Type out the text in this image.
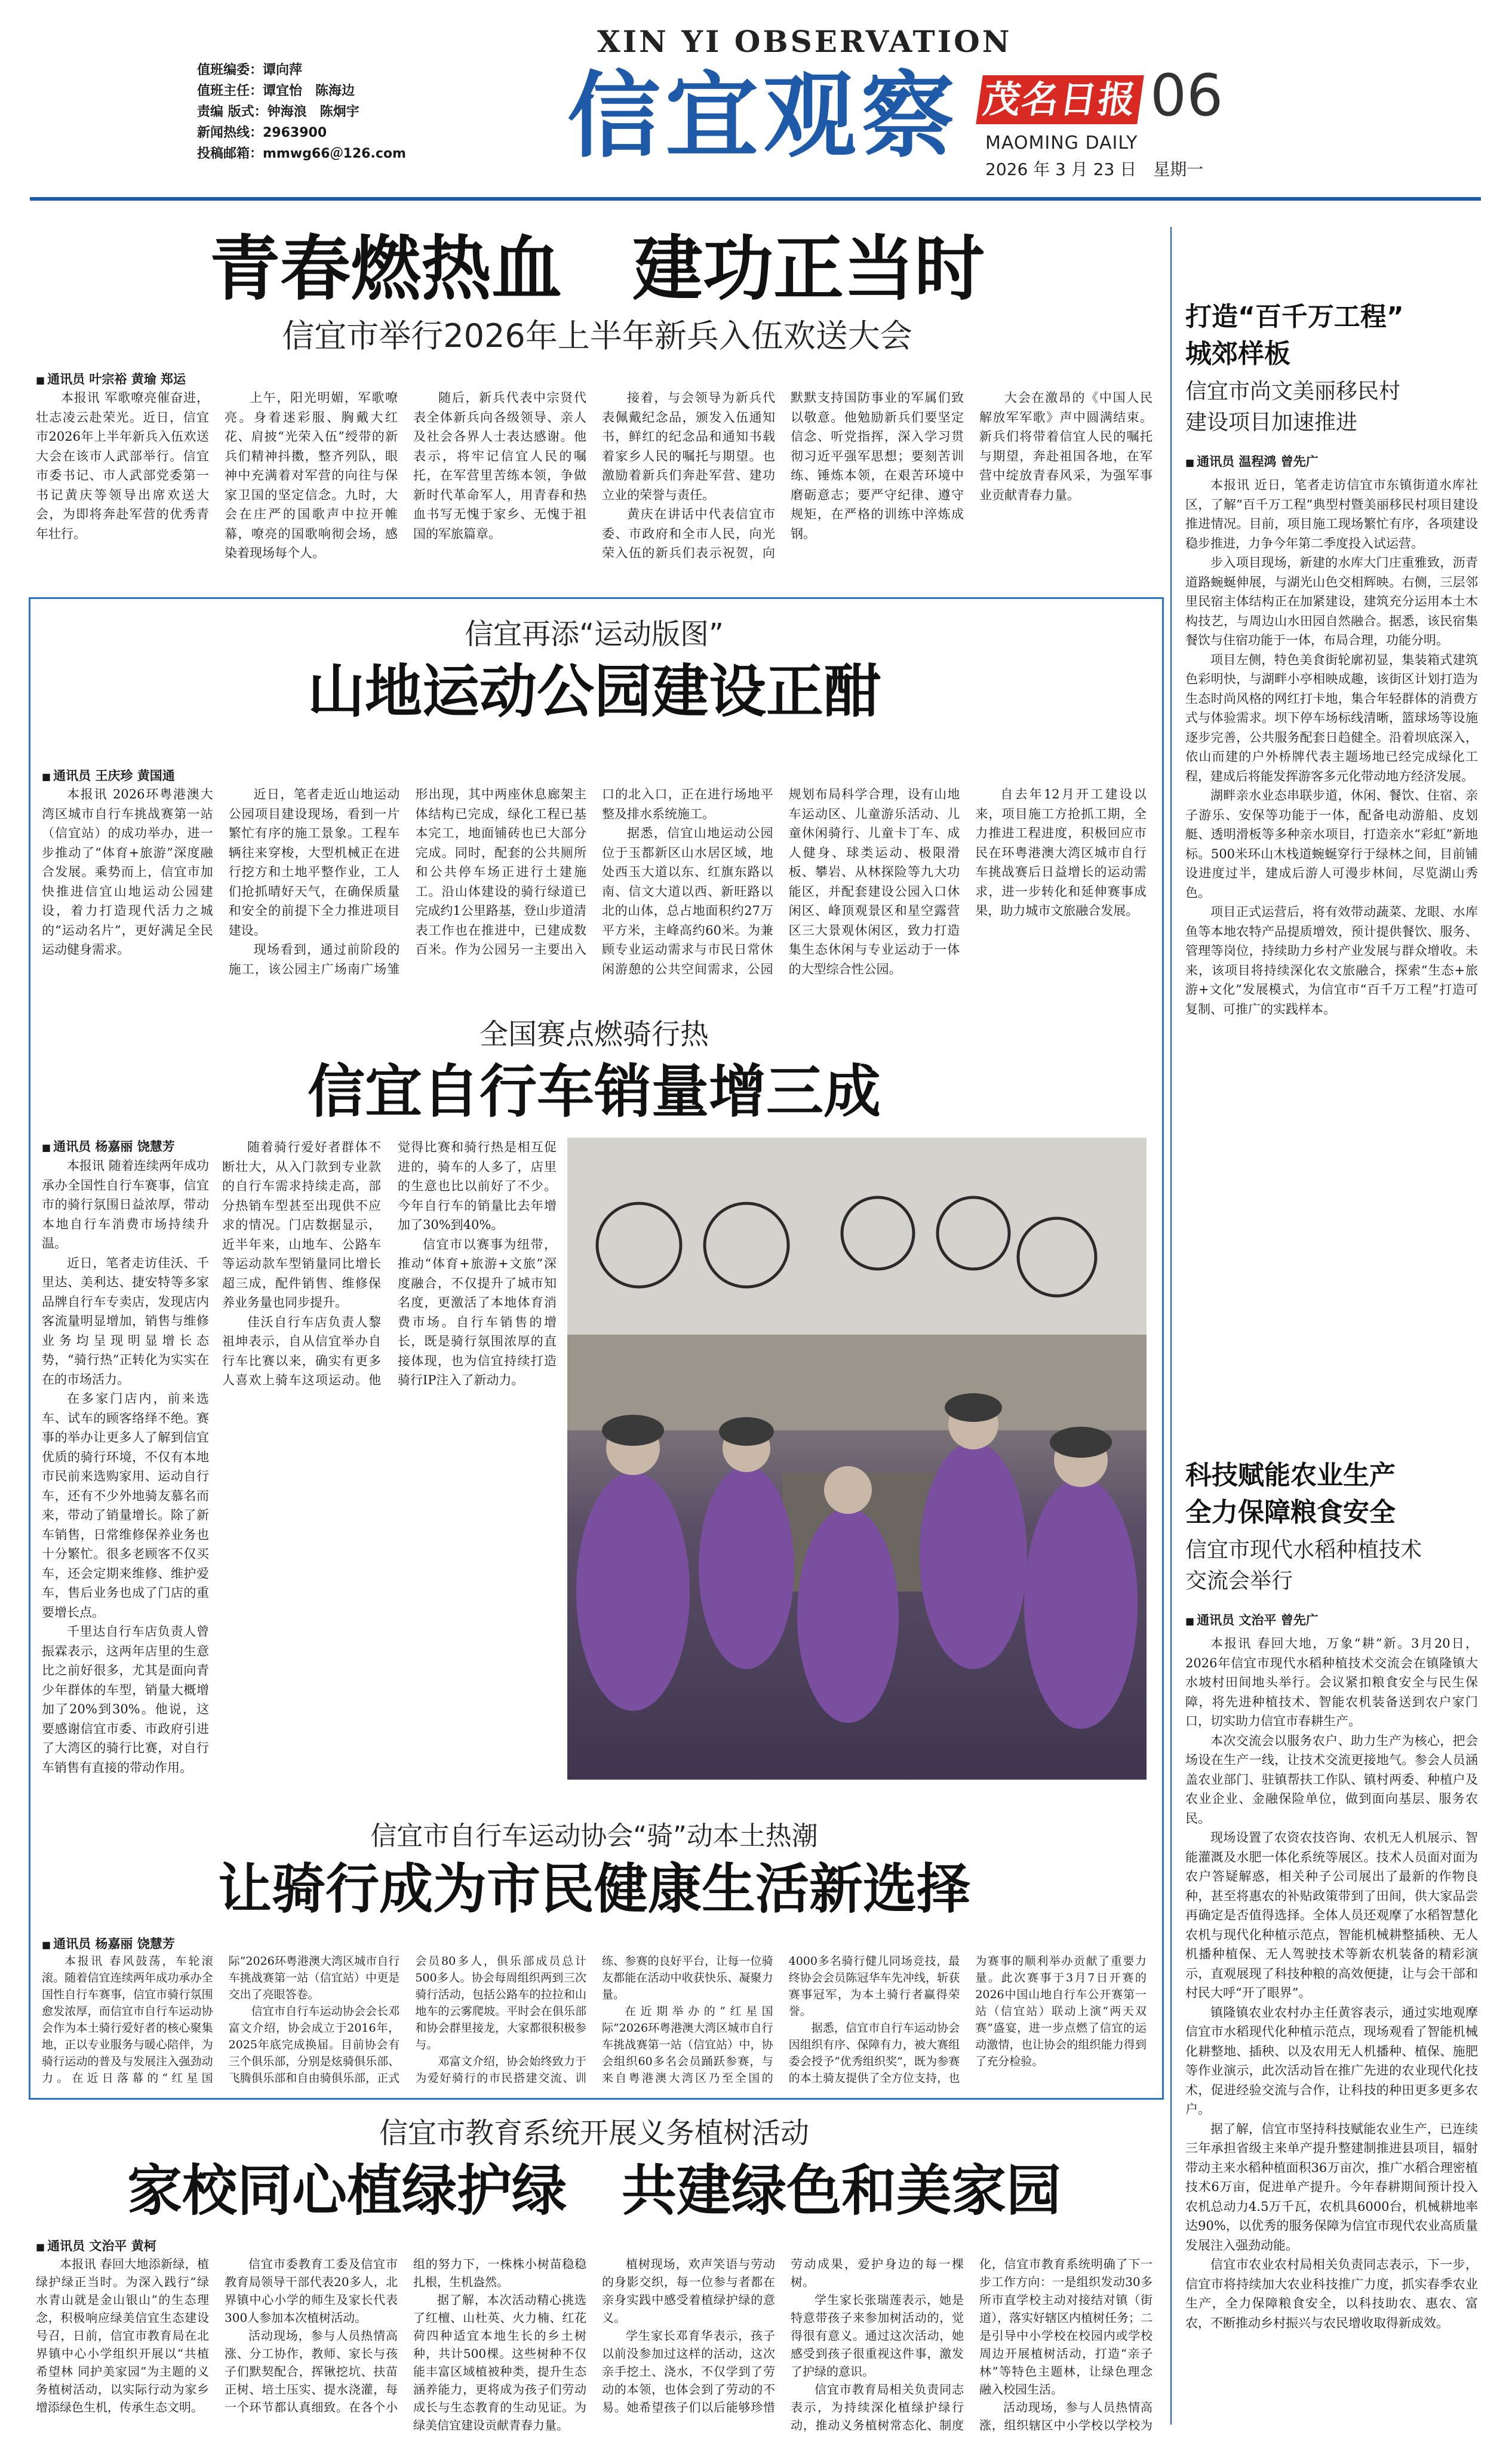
值班编委：谭向萍
值班主任：谭宜怡　陈海边
责编 版式：钟海浪　陈炯宇
新闻热线：2963900
投稿邮箱：mmwg66＠126.com
XIN YI OBSERVATION
信宜观察 茂名日报 06
MAOMING DAILY
2026 年 3 月 23 日　星期一
青春燃热血　建功正当时
信宜市举行2026年上半年新兵入伍欢送大会
■ 通讯员 叶宗裕 黄瑜 郑运

本报讯 军歌嘹亮催奋进，壮志凌云赴荣光。近日，信宜市2026年上半年新兵入伍欢送大会在该市人武部举行。信宜市委书记、市人武部党委第一书记黄庆等领导出席欢送大会，为即将奔赴军营的优秀青年壮行。

上午，阳光明媚，军歌嘹亮。身着迷彩服、胸戴大红花、肩披“光荣入伍”绶带的新兵们精神抖擞，整齐列队，眼神中充满着对军营的向往与保家卫国的坚定信念。九时，大会在庄严的国歌声中拉开帷幕，嘹亮的国歌响彻会场，感染着现场每个人。

随后，新兵代表中宗贤代表全体新兵向各级领导、亲人及社会各界人士表达感谢。他表示，将牢记信宜人民的嘱托，在军营里苦练本领，争做新时代革命军人，用青春和热血书写无愧于家乡、无愧于祖国的军旅篇章。

接着，与会领导为新兵代表佩戴纪念品，颁发入伍通知书，鲜红的纪念品和通知书载着家乡人民的嘱托与期望。也激励着新兵们奔赴军营、建功立业的荣誉与责任。

黄庆在讲话中代表信宜市委、市政府和全市人民，向光荣入伍的新兵们表示祝贺，向默默支持国防事业的军属们致以敬意。他勉励新兵们要坚定信念、听党指挥，深入学习贯彻习近平强军思想；要刻苦训练、锤炼本领，在艰苦环境中磨砺意志；要严守纪律、遵守规矩，在严格的训练中淬炼成钢。

大会在激昂的《中国人民解放军军歌》声中圆满结束。新兵们将带着信宜人民的嘱托与期望，奔赴祖国各地，在军营中绽放青春风采，为强军事业贡献青春力量。

打造“百千万工程”
城郊样板
信宜市尚文美丽移民村
建设项目加速推进
■ 通讯员 温程鸿 曾先广

本报讯 近日，笔者走访信宜市东镇街道水库社区，了解“百千万工程”典型村暨美丽移民村项目建设推进情况。目前，项目施工现场繁忙有序，各项建设稳步推进，力争今年第二季度投入试运营。

步入项目现场，新建的水库大门庄重雅致，沥青道路蜿蜒伸展，与湖光山色交相辉映。右侧，三层邻里民宿主体结构正在加紧建设，建筑充分运用本土木构技艺，与周边山水田园自然融合。据悉，该民宿集餐饮与住宿功能于一体，布局合理，功能分明。

项目左侧，特色美食街轮廓初显，集装箱式建筑色彩明快，与湖畔小亭相映成趣，该街区计划打造为生态时尚风格的网红打卡地，集合年轻群体的消费方式与体验需求。坝下停车场标线清晰，篮球场等设施逐步完善，公共服务配套日趋健全。沿着坝底深入，依山而建的户外桥牌代表主题场地已经完成绿化工程，建成后将能发挥游客多元化带动地方经济发展。

湖畔亲水业态串联步道，休闲、餐饮、住宿、亲子游乐、安保等功能于一体，配备电动游船、皮划艇、透明滑板等多种亲水项目，打造亲水“彩虹”新地标。500米环山木栈道蜿蜒穿行于绿林之间，目前铺设进度过半，建成后游人可漫步林间，尽览湖山秀色。

项目正式运营后，将有效带动蔬菜、龙眼、水库鱼等本地农特产品提质增效，预计提供餐饮、服务、管理等岗位，持续助力乡村产业发展与群众增收。未来，该项目将持续深化农文旅融合，探索“生态+旅游+文化”发展模式，为信宜市“百千万工程”打造可复制、可推广的实践样本。

科技赋能农业生产
全力保障粮食安全
信宜市现代水稻种植技术
交流会举行
■ 通讯员 文治平 曾先广

本报讯 春回大地，万象“耕”新。3月20日，2026年信宜市现代水稻种植技术交流会在镇隆镇大水坡村田间地头举行。会议紧扣粮食安全与民生保障，将先进种植技术、智能农机装备送到农户家门口，切实助力信宜市春耕生产。

本次交流会以服务农户、助力生产为核心，把会场设在生产一线，让技术交流更接地气。参会人员涵盖农业部门、驻镇帮扶工作队、镇村两委、种植户及农业企业、金融保险单位，做到面向基层、服务农民。

现场设置了农资农技咨询、农机无人机展示、智能灌溉及水肥一体化系统等展区。技术人员面对面为农户答疑解惑，相关种子公司展出了最新的作物良种，甚至将惠农的补贴政策带到了田间，供大家品尝再确定是否值得选择。全体人员还观摩了水稻智慧化农机与现代化种植示范点，智能机械耕整插秧、无人机播种植保、无人驾驶技术等新农机装备的精彩演示，直观展现了科技种粮的高效便捷，让与会干部和村民大呼“开了眼界”。

镇隆镇农业农村办主任黄容表示，通过实地观摩信宜市水稻现代化种植示范点，现场观看了智能机械化耕整地、插秧、以及农用无人机播种、植保、施肥等作业演示，此次活动旨在推广先进的农业现代化技术，促进经验交流与合作，让科技的种田更多更多农户。

据了解，信宜市坚持科技赋能农业生产，已连续三年承担省级主来单产提升整建制推进县项目，辐射带动主来水稻种植面积36万亩次，推广水稻合理密植技术6万亩，促进单产提升。今年春耕期间预计投入农机总动力4.5万千瓦，农机具6000台，机械耕地率达90%，以优秀的服务保障为信宜市现代农业高质量发展注入强劲动能。

信宜市农业农村局相关负责同志表示，下一步，信宜市将持续加大农业科技推广力度，抓实春季农业生产，全力保障粮食安全，以科技助农、惠农、富农，不断推动乡村振兴与农民增收取得新成效。

信宜再添“运动版图”
山地运动公园建设正酣
■ 通讯员 王庆珍 黄国通

本报讯 2026环粤港澳大湾区城市自行车挑战赛第一站（信宜站）的成功举办，进一步推动了“体育+旅游”深度融合发展。乘势而上，信宜市加快推进信宜山地运动公园建设，着力打造现代活力之城的“运动名片”，更好满足全民运动健身需求。

近日，笔者走近山地运动公园项目建设现场，看到一片繁忙有序的施工景象。工程车辆往来穿梭，大型机械正在进行挖方和土地平整作业，工人们抢抓晴好天气，在确保质量和安全的前提下全力推进项目建设。

现场看到，通过前阶段的施工，该公园主广场南广场雏形出现，其中两座休息廊架主体结构已完成，绿化工程已基本完工，地面铺砖也已大部分完成。同时，配套的公共厕所和公共停车场正进行土建施工。沿山体建设的骑行绿道已完成约1公里路基，登山步道清表工作也在推进中，已建成数百米。作为公园另一主要出入口的北入口，正在进行场地平整及排水系统施工。

据悉，信宜山地运动公园位于玉都新区山水居区域，地处西玉大道以东、红旗东路以南、信文大道以西、新旺路以北的山体，总占地面积约27万平方米，主峰高约60米。为兼顾专业运动需求与市民日常休闲游憩的公共空间需求，公园规划布局科学合理，设有山地车运动区、儿童游乐活动、儿童休闲骑行、儿童卡丁车、成人健身、球类运动、极限滑板、攀岩、从林探险等九大功能区，并配套建设公园入口休闲区、峰顶观景区和星空露营区三大景观休闲区，致力打造集生态休闲与专业运动于一体的大型综合性公园。

自去年12月开工建设以来，项目施工方抢抓工期，全力推进工程进度，积极回应市民在环粤港澳大湾区城市自行车挑战赛后日益增长的运动需求，进一步转化和延伸赛事成果，助力城市文旅融合发展。

全国赛点燃骑行热
信宜自行车销量增三成
■ 通讯员 杨嘉丽 饶慧芳

本报讯 随着连续两年成功承办全国性自行车赛事，信宜市的骑行氛围日益浓厚，带动本地自行车消费市场持续升温。

近日，笔者走访佳沃、千里达、美利达、捷安特等多家品牌自行车专卖店，发现店内客流量明显增加，销售与维修业务均呈现明显增长态势，“骑行热”正转化为实实在在的市场活力。

在多家门店内，前来选车、试车的顾客络绎不绝。赛事的举办让更多人了解到信宜优质的骑行环境，不仅有本地市民前来选购家用、运动自行车，还有不少外地骑友慕名而来，带动了销量增长。除了新车销售，日常维修保养业务也十分繁忙。很多老顾客不仅买车，还会定期来维修、维护爱车，售后业务也成了门店的重要增长点。

千里达自行车店负责人曾振霖表示，这两年店里的生意比之前好很多，尤其是面向青少年群体的车型，销量大概增加了20%到30%。他说，这要感谢信宜市委、市政府引进了大湾区的骑行比赛，对自行车销售有直接的带动作用。

随着骑行爱好者群体不断壮大，从入门款到专业款的自行车需求持续走高，部分热销车型甚至出现供不应求的情况。门店数据显示，近半年来，山地车、公路车等运动款车型销量同比增长超三成，配件销售、维修保养业务量也同步提升。

佳沃自行车店负责人黎祖坤表示，自从信宜举办自行车比赛以来，确实有更多人喜欢上骑车这项运动。他觉得比赛和骑行热是相互促进的，骑车的人多了，店里的生意也比以前好了不少。今年自行车的销量比去年增加了30%到40%。

信宜市以赛事为纽带，推动“体育+旅游+文旅”深度融合，不仅提升了城市知名度，更激活了本地体育消费市场。自行车销售的增长，既是骑行氛围浓厚的直接体现，也为信宜持续打造骑行IP注入了新动力。

信宜市自行车运动协会“骑”动本土热潮
让骑行成为市民健康生活新选择
■ 通讯员 杨嘉丽 饶慧芳

本报讯 春风鼓荡，车轮滚滚。随着信宜连续两年成功承办全国性自行车赛事，信宜市骑行氛围愈发浓厚，而信宜市自行车运动协会作为本土骑行爱好者的核心聚集地，正以专业服务与暖心陪伴，为骑行运动的普及与发展注入强劲动力。在近日落幕的“红星国际”2026环粤港澳大湾区城市自行车挑战赛第一站（信宜站）中更是交出了亮眼答卷。

信宜市自行车运动协会会长邓富文介绍，协会成立于2016年，2025年底完成换届。目前协会有三个俱乐部，分别是炫骑俱乐部、飞腾俱乐部和自由骑俱乐部，正式会员80多人，俱乐部成员总计500多人。协会每周组织两到三次骑行活动，包括公路车的拉拉和山地车的云雾爬坡。平时会在俱乐部和协会群里接龙，大家都很积极参与。

邓富文介绍，协会始终致力于为爱好骑行的市民搭建交流、训练、参赛的良好平台，让每一位骑友都能在活动中收获快乐、凝聚力量。

在近期举办的“红星国际”2026环粤港澳大湾区城市自行车挑战赛第一站（信宜站）中，协会组织60多名会员踊跃参赛，与来自粤港澳大湾区乃至全国的4000多名骑行健儿同场竞技，最终协会会员陈冠华车先冲线，斩获赛事冠军，为本土骑行者赢得荣誉。

据悉，信宜市自行车运动协会因组织有序、保障有力，被大赛组委会授予“优秀组织奖”，既为参赛的本土骑友提供了全方位支持，也为赛事的顺利举办贡献了重要力量。此次赛事于3月7日开赛的2026中国山地自行车公开赛第一站（信宜站）联动上演“两天双赛”盛宴，进一步点燃了信宜的运动激情，也让协会的组织能力得到了充分检验。

信宜市教育系统开展义务植树活动
家校同心植绿护绿　共建绿色和美家园
■ 通讯员 文治平 黄柯

本报讯 春回大地添新绿，植绿护绿正当时。为深入践行“绿水青山就是金山银山”的生态理念，积极响应绿美信宜生态建设号召，日前，信宜市教育局在北界镇中心小学组织开展以“共植希望林 同护美家园”为主题的义务植树活动，以实际行动为家乡增添绿色生机，传承生态文明。

信宜市委教育工委及信宜市教育局领导干部代表20多人，北界镇中心小学的师生及家长代表300人参加本次植树活动。

活动现场，参与人员热情高涨、分工协作，教师、家长与孩子们默契配合，挥锹挖坑、扶苗正树、培土压实、提水浇灌，每一个环节都认真细致。在各个小组的努力下，一株株小树苗稳稳扎根，生机盎然。

据了解，本次活动精心挑选了红檀、山杜英、火力楠、红花荷四种适宜本地生长的乡土树种，共计500棵。这些树种不仅能丰富区域植被种类，提升生态涵养能力，更将成为孩子们劳动成长与生态教育的生动见证。为绿美信宜建设贡献青春力量。

植树现场，欢声笑语与劳动的身影交织，每一位参与者都在亲身实践中感受着植绿护绿的意义。

学生家长邓育华表示，孩子以前没参加过这样的活动，这次亲手挖土、浇水，不仅学到了劳动的本领，也体会到了劳动的不易。她希望孩子们以后能够珍惜劳动成果，爱护身边的每一棵树。

学生家长张瑞莲表示，她是特意带孩子来参加树活动的，觉得很有意义。通过这次活动，她感受到孩子很重视这件事，激发了护绿的意识。

信宜市教育局相关负责同志表示，为持续深化植绿护绿行动，推动义务植树常态化、制度化，信宜市教育系统明确了下一步工作方向：一是组织发动30多所市直学校主动对接结对镇（街道），落实好辖区内植树任务；二是引导中小学校在校园内或学校周边开展植树活动，打造“亲子林”等特色主题林，让绿色理念融入校园生活。

活动现场，参与人员热情高涨，组织辖区中小学校以学校为
